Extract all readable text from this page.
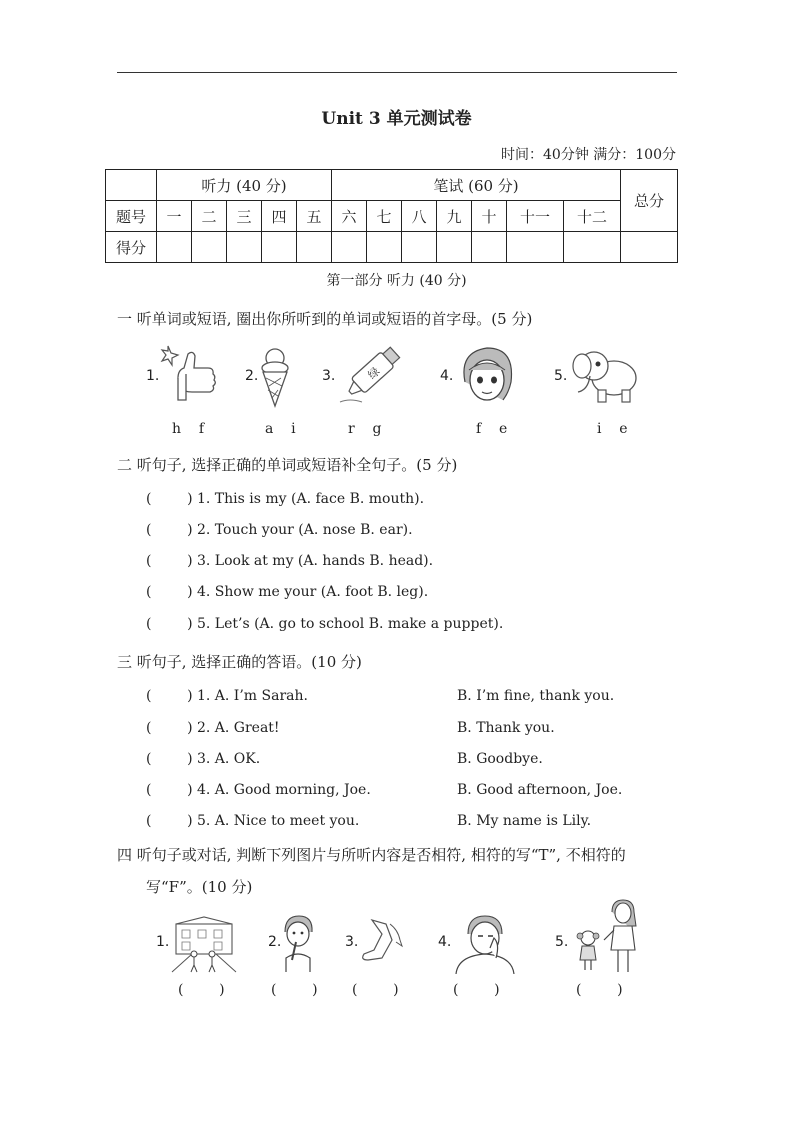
Unit 3 单元测试卷
时间：40分钟 满分：100分
	听力 (40 分)					笔试 (60 分)							总分
题号	一	二	三	四	五	六	七	八	九	十	十一	十二	
得分													
第一部分 听力 (40 分)
一 听单词或短语, 圈出你所听到的单词或短语的首字母。(5 分)
1.
h    f
2.
a    i
3.	绿
r    g
4.
f    e
5.
i    e
二 听句子, 选择正确的单词或短语补全句子。(5 分)
(        ) 1. This is my (A. face B. mouth).
(        ) 2. Touch your (A. nose B. ear).
(        ) 3. Look at my (A. hands B. head).
(        ) 4. Show me your (A. foot B. leg).
(        ) 5. Let’s (A. go to school B. make a puppet).
三 听句子, 选择正确的答语。(10 分)
(        ) 1. A. I’m Sarah.	B. I’m fine, thank you.
(        ) 2. A. Great!	B. Thank you.
(        ) 3. A. OK.	B. Goodbye.
(        ) 4. A. Good morning, Joe.	B. Good afternoon, Joe.
(        ) 5. A. Nice to meet you.	B. My name is Lily.
四 听句子或对话, 判断下列图片与所听内容是否相符, 相符的写“T”, 不相符的
写“F”。(10 分)
1.
(        )
2.
(        )
3.
(        )
4.
(        )
5.
(        )
